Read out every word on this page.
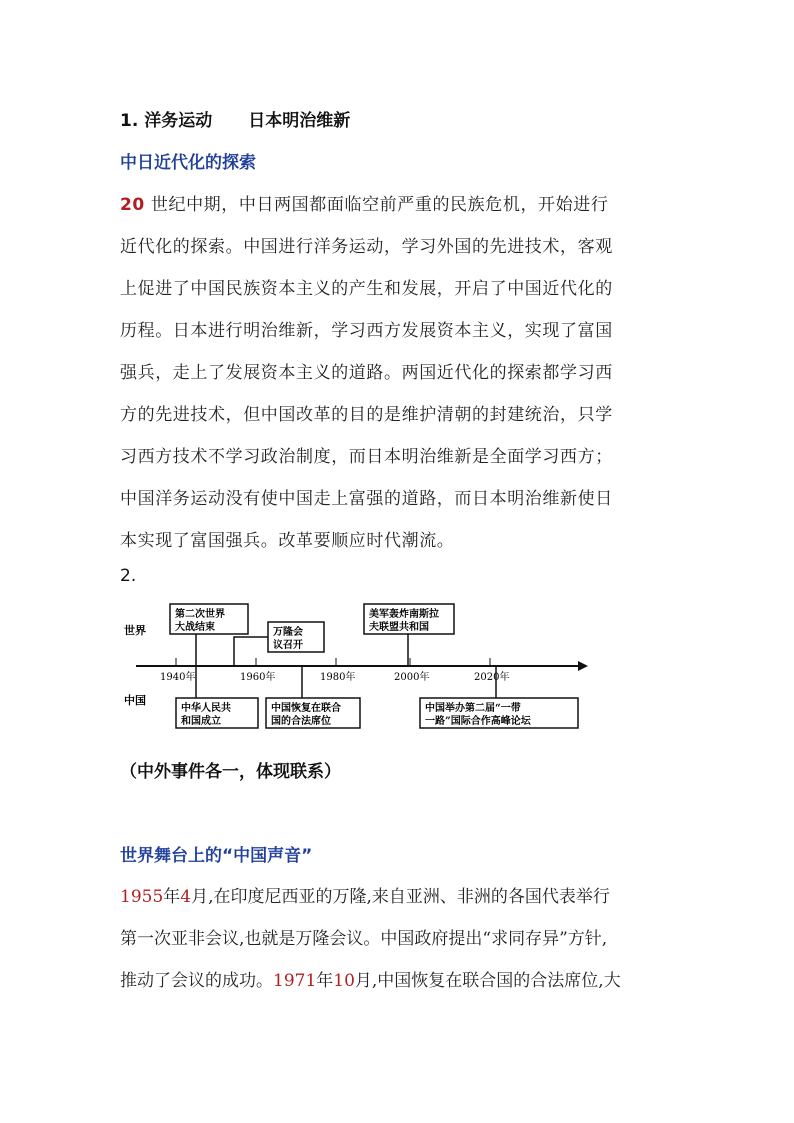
1. 洋务运动 日本明治维新
中日近代化的探索
20 世纪中期，中日两国都面临空前严重的民族危机，开始进行
近代化的探索。中国进行洋务运动，学习外国的先进技术，客观
上促进了中国民族资本主义的产生和发展，开启了中国近代化的
历程。日本进行明治维新，学习西方发展资本主义，实现了富国
强兵，走上了发展资本主义的道路。两国近代化的探索都学习西
方的先进技术，但中国改革的目的是维护清朝的封建统治，只学
习西方技术不学习政治制度，而日本明治维新是全面学习西方；
中国洋务运动没有使中国走上富强的道路，而日本明治维新使日
本实现了富国强兵。改革要顺应时代潮流。
2.
世界
中国
1940年	1960年	1980年	2000年	2020年
第二次世界
大战结束	万隆会
议召开
美军轰炸南斯拉
夫联盟共和国
中华人民共
和国成立
中国恢复在联合
国的合法席位
中国举办第二届“一带
一路”国际合作高峰论坛
（中外事件各一，体现联系）
世界舞台上的“中国声音”
1955年4月,在印度尼西亚的万隆,来自亚洲、非洲的各国代表举行
第一次亚非会议,也就是万隆会议。中国政府提出“求同存异”方针,
推动了会议的成功。1971年10月,中国恢复在联合国的合法席位,大
